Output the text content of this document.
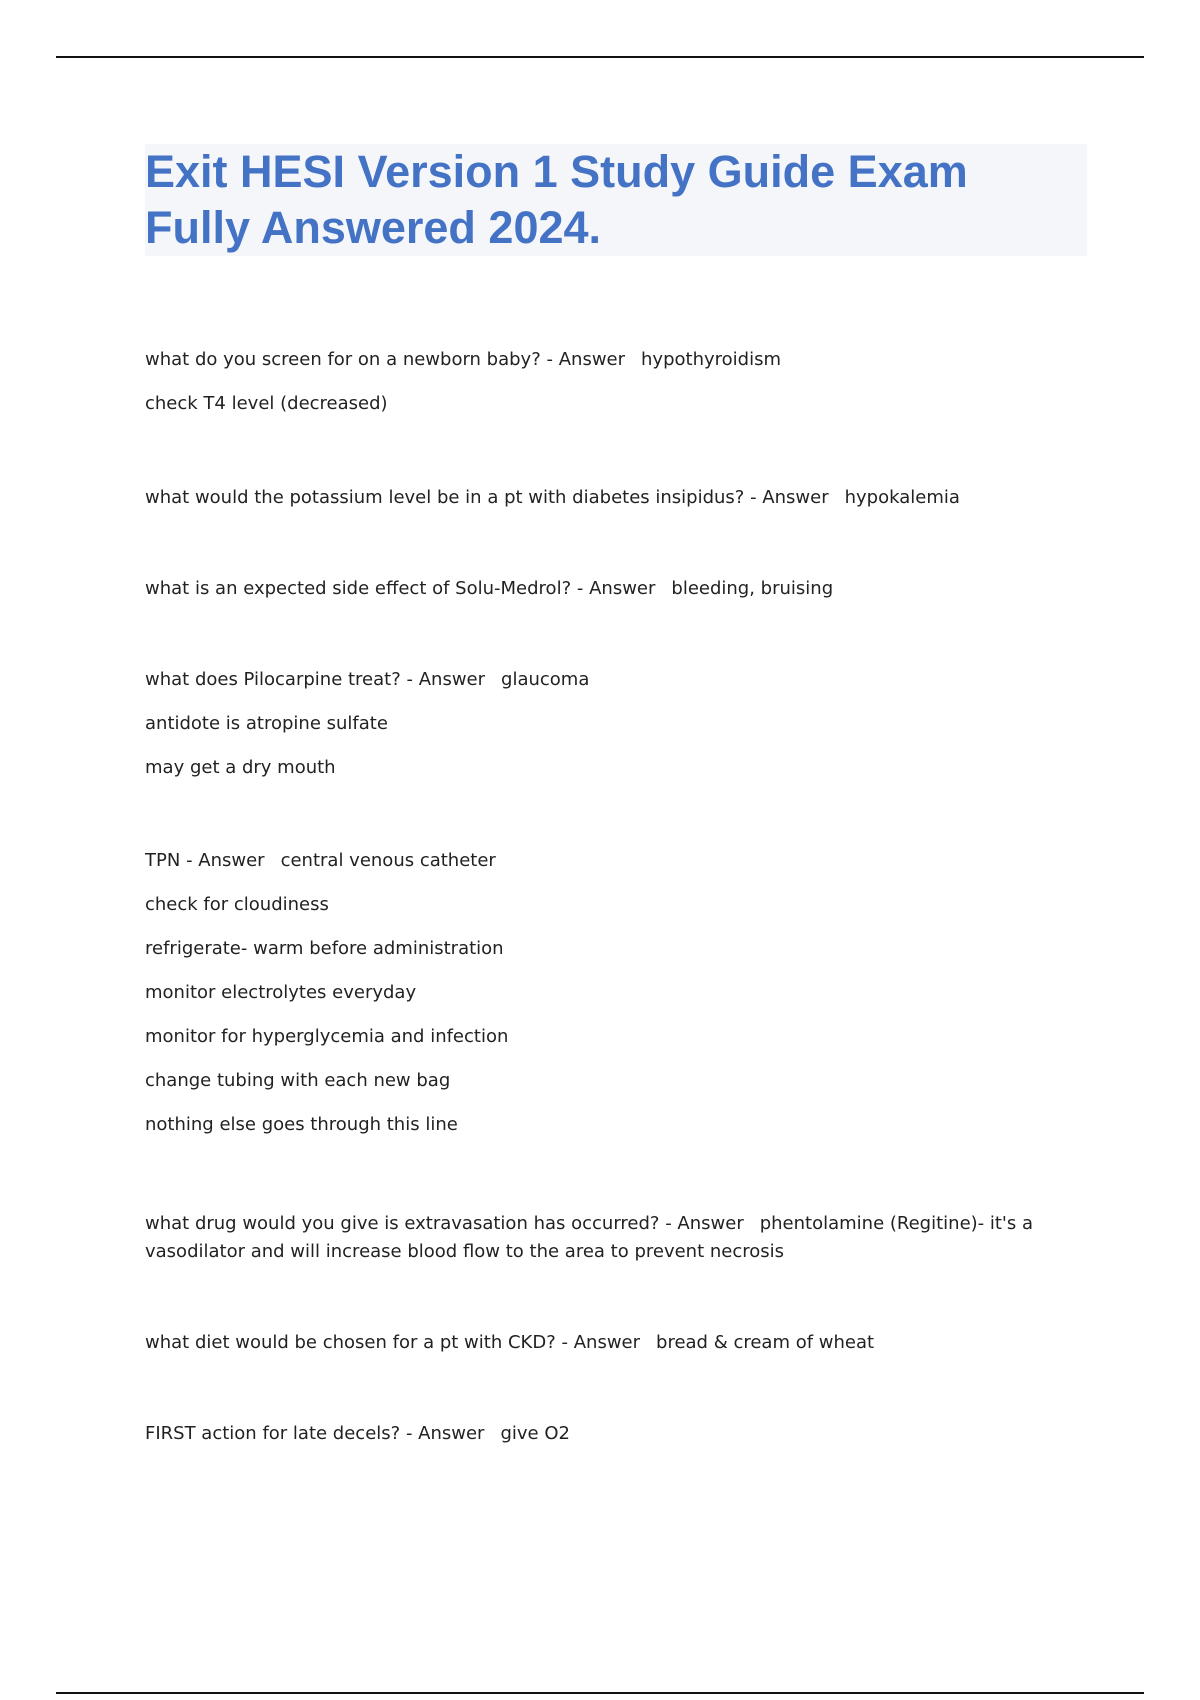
Exit HESI Version 1 Study Guide Exam
Fully Answered 2024.
what do you screen for on a newborn baby? - Answer hypothyroidism
check T4 level (decreased)
what would the potassium level be in a pt with diabetes insipidus? - Answer hypokalemia
what is an expected side effect of Solu-Medrol? - Answer bleeding, bruising
what does Pilocarpine treat? - Answer glaucoma
antidote is atropine sulfate
may get a dry mouth
TPN - Answer central venous catheter
check for cloudiness
refrigerate- warm before administration
monitor electrolytes everyday
monitor for hyperglycemia and infection
change tubing with each new bag
nothing else goes through this line
what drug would you give is extravasation has occurred? - Answer phentolamine (Regitine)- it's a vasodilator and will increase blood flow to the area to prevent necrosis
what diet would be chosen for a pt with CKD? - Answer bread & cream of wheat
FIRST action for late decels? - Answer give O2
